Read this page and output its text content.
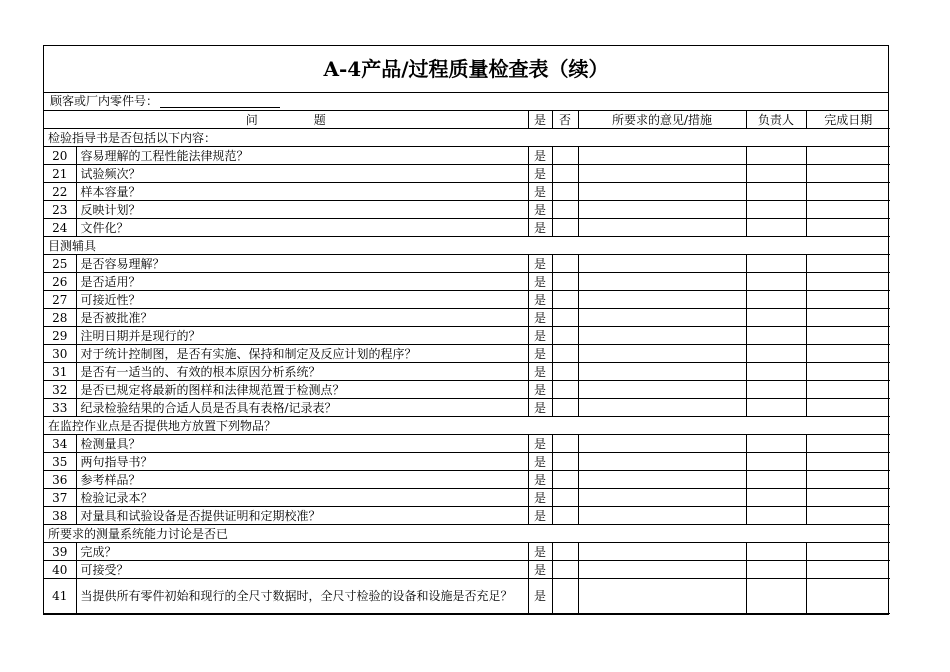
A-4产品/过程质量检查表（续）
顾客或厂内零件号：
问 题		是	否	所要求的意见/措施	负责人	完成日期
检验指导书是否包括以下内容：						
20	容易理解的工程性能法律规范？	是				
21	试验频次？	是				
22	样本容量？	是				
23	反映计划？	是				
24	文件化？	是				
目测辅具						
25	是否容易理解？	是				
26	是否适用？	是				
27	可接近性？	是				
28	是否被批准？	是				
29	注明日期并是现行的？	是				
30	对于统计控制图，是否有实施、保持和制定及反应计划的程序？	是				
31	是否有一适当的、有效的根本原因分析系统？	是				
32	是否已规定将最新的图样和法律规范置于检测点？	是				
33	纪录检验结果的合适人员是否具有表格/记录表？	是				
在监控作业点是否提供地方放置下列物品？						
34	检测量具？	是				
35	两句指导书？	是				
36	参考样品？	是				
37	检验记录本？	是				
38	对量具和试验设备是否提供证明和定期校准？	是				
所要求的测量系统能力讨论是否已						
39	完成？	是				
40	可接受？	是				
41	当提供所有零件初始和现行的全尺寸数据时，全尺寸检验的设备和设施是否充足？	是				
